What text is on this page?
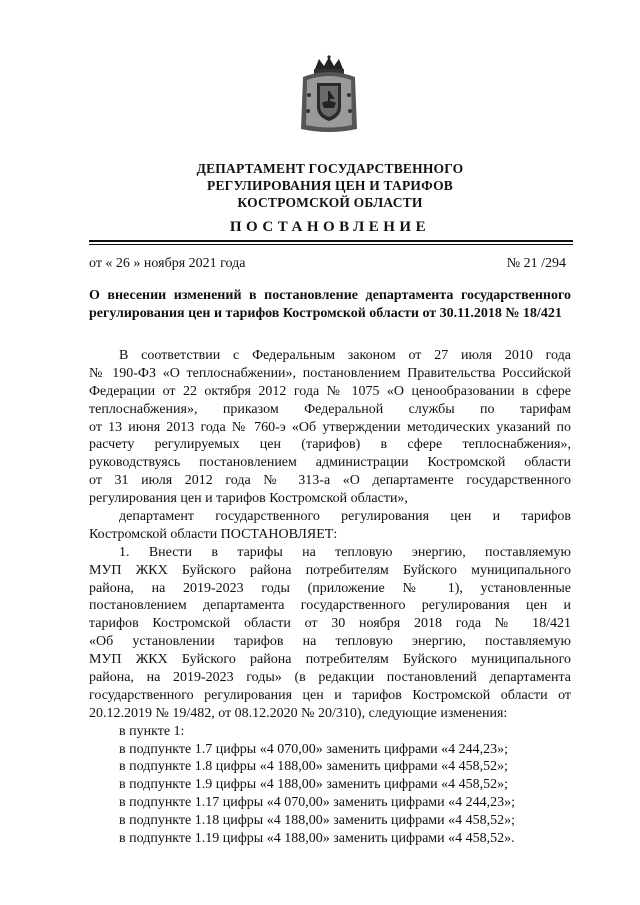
ДЕПАРТАМЕНТ ГОСУДАРСТВЕННОГО
РЕГУЛИРОВАНИЯ ЦЕН И ТАРИФОВ
КОСТРОМСКОЙ ОБЛАСТИ
ПОСТАНОВЛЕНИЕ
от « 26 » ноября 2021 года	№ 21 /294
О внесении изменений в постановление департамента государственного
регулирования цен и тарифов Костромской области от 30.11.2018 № 18/421
В соответствии с Федеральным законом от 27 июля 2010 года
№ 190-ФЗ «О теплоснабжении», постановлением Правительства Российской
Федерации от 22 октября 2012 года № 1075 «О ценообразовании в сфере
теплоснабжения», приказом Федеральной службы по тарифам
от 13 июня 2013 года № 760-э «Об утверждении методических указаний по
расчету регулируемых цен (тарифов) в сфере теплоснабжения»,
руководствуясь постановлением администрации Костромской области
от 31 июля 2012 года № 313-а «О департаменте государственного
регулирования цен и тарифов Костромской области»,
департамент государственного регулирования цен и тарифов
Костромской области ПОСТАНОВЛЯЕТ:
1. Внести в тарифы на тепловую энергию, поставляемую
МУП ЖКХ Буйского района потребителям Буйского муниципального
района, на 2019-2023 годы (приложение № 1), установленные
постановлением департамента государственного регулирования цен и
тарифов Костромской области от 30 ноября 2018 года № 18/421
«Об установлении тарифов на тепловую энергию, поставляемую
МУП ЖКХ Буйского района потребителям Буйского муниципального
района, на 2019-2023 годы» (в редакции постановлений департамента
государственного регулирования цен и тарифов Костромской области от
20.12.2019 № 19/482, от 08.12.2020 № 20/310), следующие изменения:
в пункте 1:
в подпункте 1.7 цифры «4 070,00» заменить цифрами «4 244,23»;
в подпункте 1.8 цифры «4 188,00» заменить цифрами «4 458,52»;
в подпункте 1.9 цифры «4 188,00» заменить цифрами «4 458,52»;
в подпункте 1.17 цифры «4 070,00» заменить цифрами «4 244,23»;
в подпункте 1.18 цифры «4 188,00» заменить цифрами «4 458,52»;
в подпункте 1.19 цифры «4 188,00» заменить цифрами «4 458,52».
